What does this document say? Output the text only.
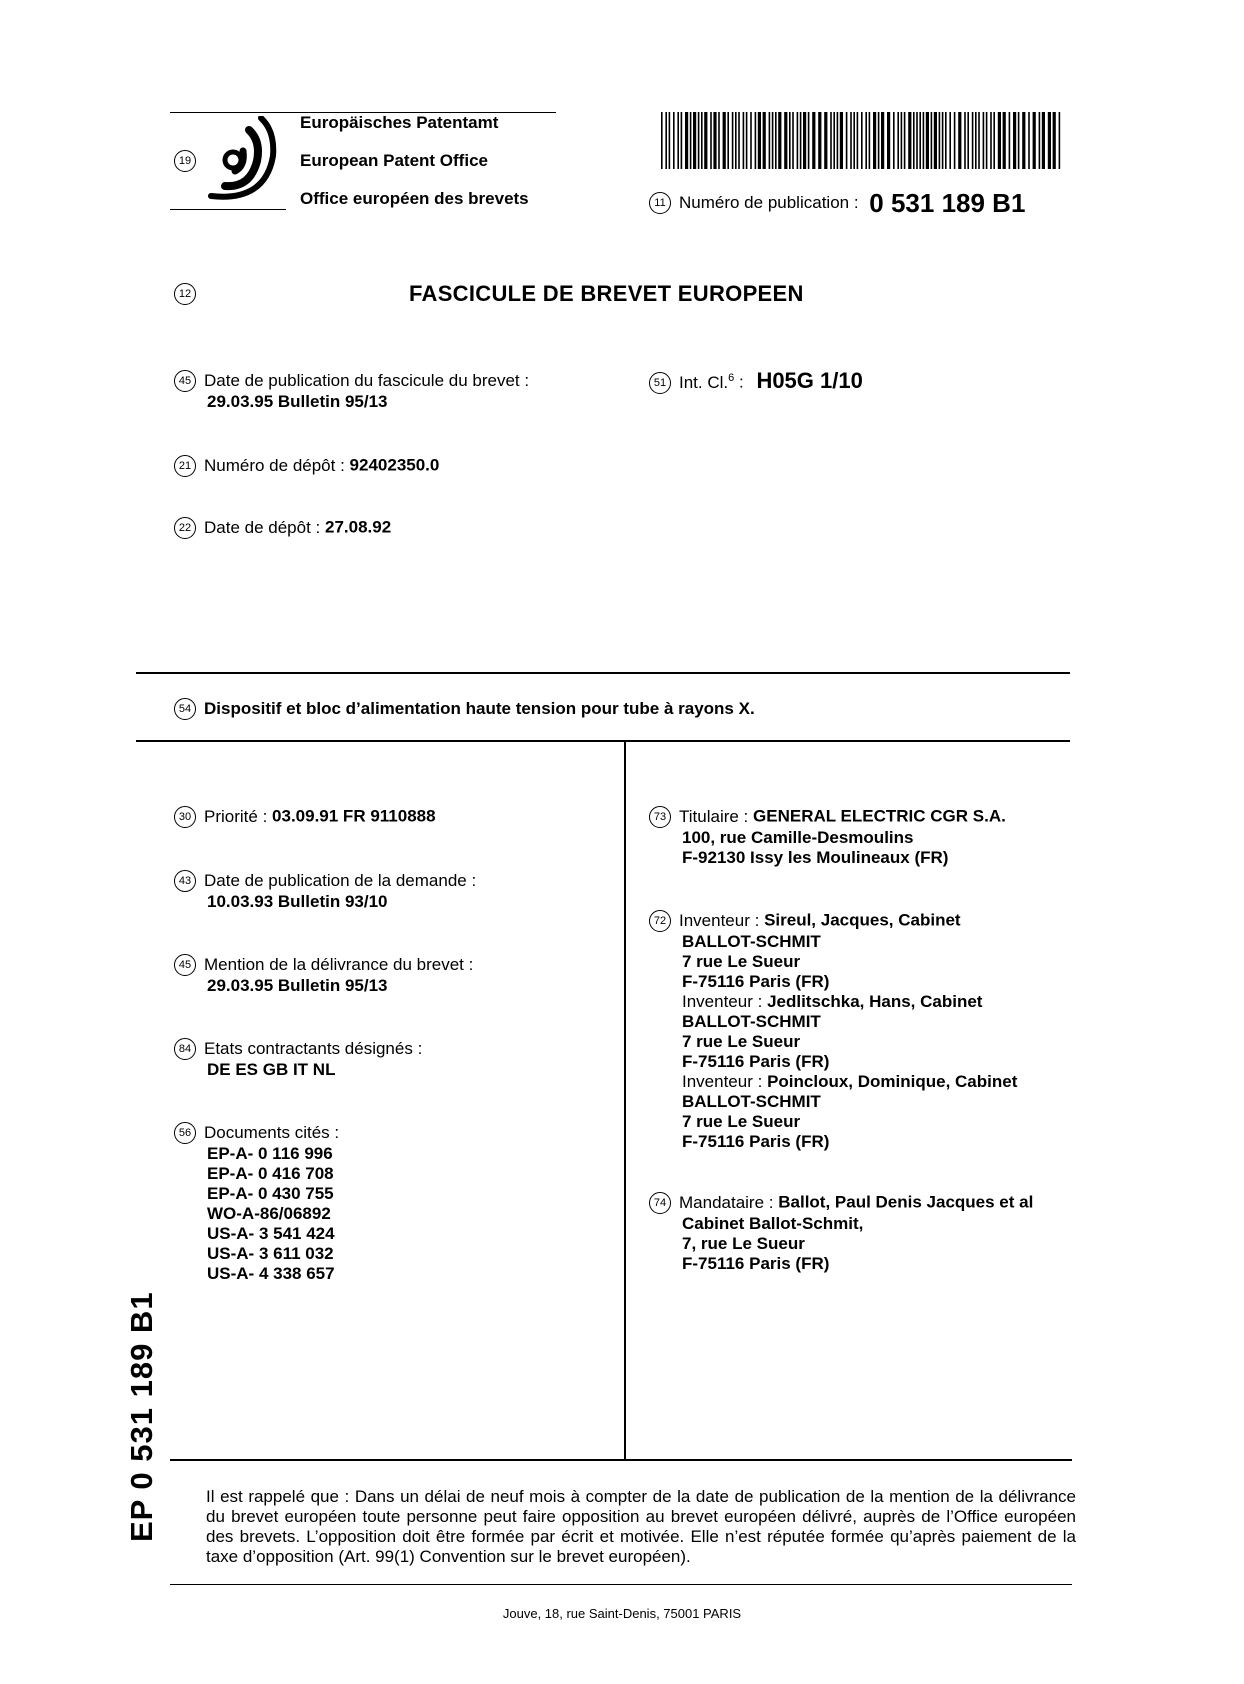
19
Europäisches Patentamt
European Patent Office
Office européen des brevets	11 Numéro de publication : 0 531 189 B1
12	FASCICULE DE BREVET EUROPEEN
45 Date de publication du fascicule du brevet :
29.03.95 Bulletin 95/13
51 Int. Cl.$^6$ : H05G 1/10
21 Numéro de dépôt : 92402350.0
22 Date de dépôt : 27.08.92
54 Dispositif et bloc d’alimentation haute tension pour tube à rayons X.
30 Priorité : 03.09.91 FR 9110888
43 Date de publication de la demande :
10.03.93 Bulletin 93/10
45 Mention de la délivrance du brevet :
29.03.95 Bulletin 95/13
84 Etats contractants désignés :
DE ES GB IT NL
56 Documents cités :
EP-A- 0 116 996
EP-A- 0 416 708
EP-A- 0 430 755
WO-A-86/06892
US-A- 3 541 424
US-A- 3 611 032
US-A- 4 338 657
73 Titulaire : GENERAL ELECTRIC CGR S.A.
100, rue Camille-Desmoulins
F-92130 Issy les Moulineaux (FR)
72 Inventeur : Sireul, Jacques, Cabinet
BALLOT-SCHMIT
7 rue Le Sueur
F-75116 Paris (FR)
Inventeur : Jedlitschka, Hans, Cabinet
BALLOT-SCHMIT
7 rue Le Sueur
F-75116 Paris (FR)
Inventeur : Poincloux, Dominique, Cabinet
BALLOT-SCHMIT
7 rue Le Sueur
F-75116 Paris (FR)
74 Mandataire : Ballot, Paul Denis Jacques et al
Cabinet Ballot-Schmit,
7, rue Le Sueur
F-75116 Paris (FR)
EP 0 531 189 B1	Il est rappelé que : Dans un délai de neuf mois à compter de la date de publication de la mention de la délivrance du brevet européen toute personne peut faire opposition au brevet européen délivré, auprès de l’Office européen des brevets. L’opposition doit être formée par écrit et motivée. Elle n’est réputée formée qu’après paiement de la taxe d’opposition (Art. 99(1) Convention sur le brevet européen).
Jouve, 18, rue Saint-Denis, 75001 PARIS
